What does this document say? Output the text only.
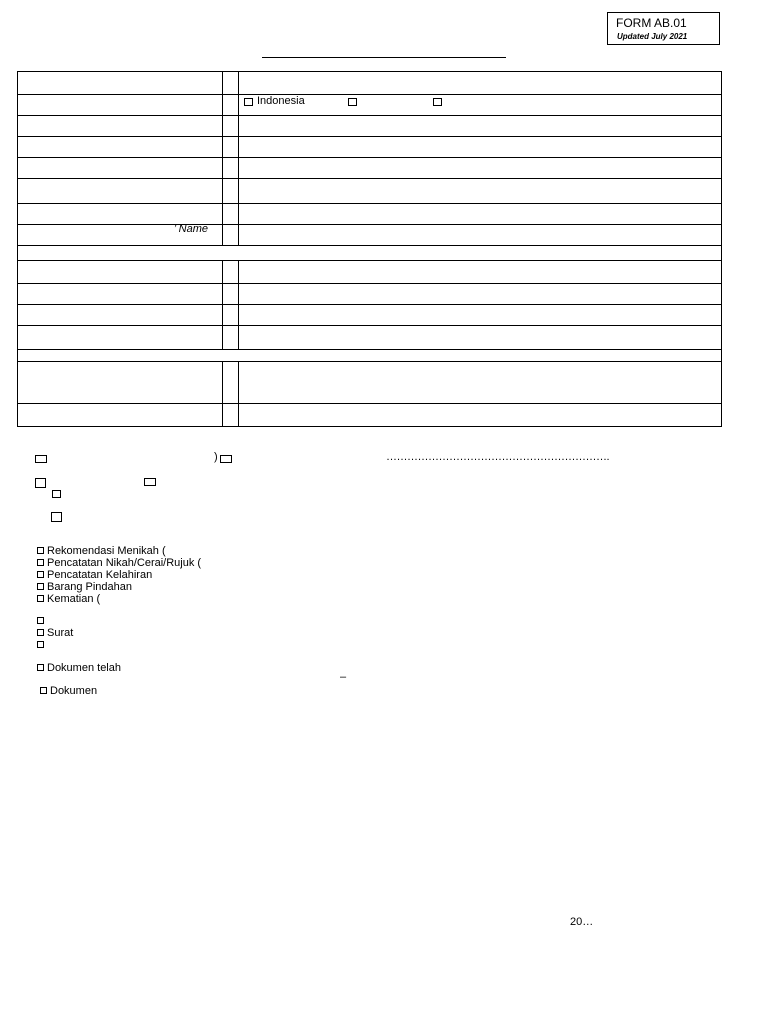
FORM AB.01
Updated July 2021

		Indonesia

’ Name		

)	……………………………………………………….
Rekomendasi Menikah (
Pencatatan Nikah/Cerai/Rujuk (
Pencatatan Kelahiran
Barang Pindahan
Kematian (
Surat
Dokumen telah
–
Dokumen
20…
